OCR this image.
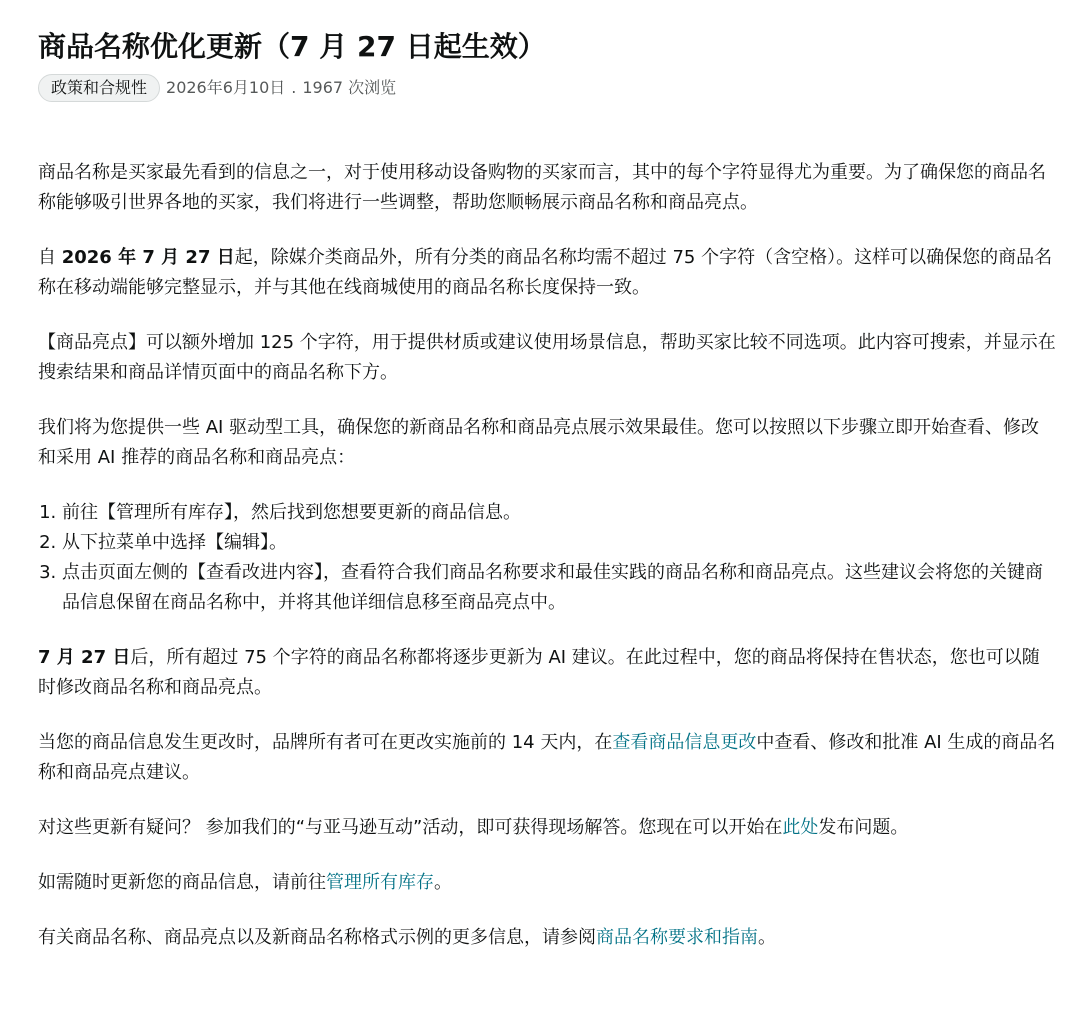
商品名称优化更新（7 月 27 日起生效）
政策和合规性	2026年6月10日 . 1967 次浏览

商品名称是买家最先看到的信息之一，对于使用移动设备购物的买家而言，其中的每个字符显得尤为重要。为了确保您的商品名称能够吸引世界各地的买家，我们将进行一些调整，帮助您顺畅展示商品名称和商品亮点。

自 2026 年 7 月 27 日起，除媒介类商品外，所有分类的商品名称均需不超过 75 个字符（含空格）。这样可以确保您的商品名称在移动端能够完整显示，并与其他在线商城使用的商品名称长度保持一致。

【商品亮点】可以额外增加 125 个字符，用于提供材质或建议使用场景信息，帮助买家比较不同选项。此内容可搜索，并显示在搜索结果和商品详情页面中的商品名称下方。

我们将为您提供一些 AI 驱动型工具，确保您的新商品名称和商品亮点展示效果最佳。您可以按照以下步骤立即开始查看、修改和采用 AI 推荐的商品名称和商品亮点：

1. 前往【管理所有库存】，然后找到您想要更新的商品信息。
2. 从下拉菜单中选择【编辑】。
3. 点击页面左侧的【查看改进内容】，查看符合我们商品名称要求和最佳实践的商品名称和商品亮点。这些建议会将您的关键商品信息保留在商品名称中，并将其他详细信息移至商品亮点中。

7 月 27 日后，所有超过 75 个字符的商品名称都将逐步更新为 AI 建议。在此过程中，您的商品将保持在售状态，您也可以随时修改商品名称和商品亮点。

当您的商品信息发生更改时，品牌所有者可在更改实施前的 14 天内，在查看商品信息更改中查看、修改和批准 AI 生成的商品名称和商品亮点建议。

对这些更新有疑问？ 参加我们的“与亚马逊互动”活动，即可获得现场解答。您现在可以开始在此处发布问题。

如需随时更新您的商品信息，请前往管理所有库存。

有关商品名称、商品亮点以及新商品名称格式示例的更多信息，请参阅商品名称要求和指南。
